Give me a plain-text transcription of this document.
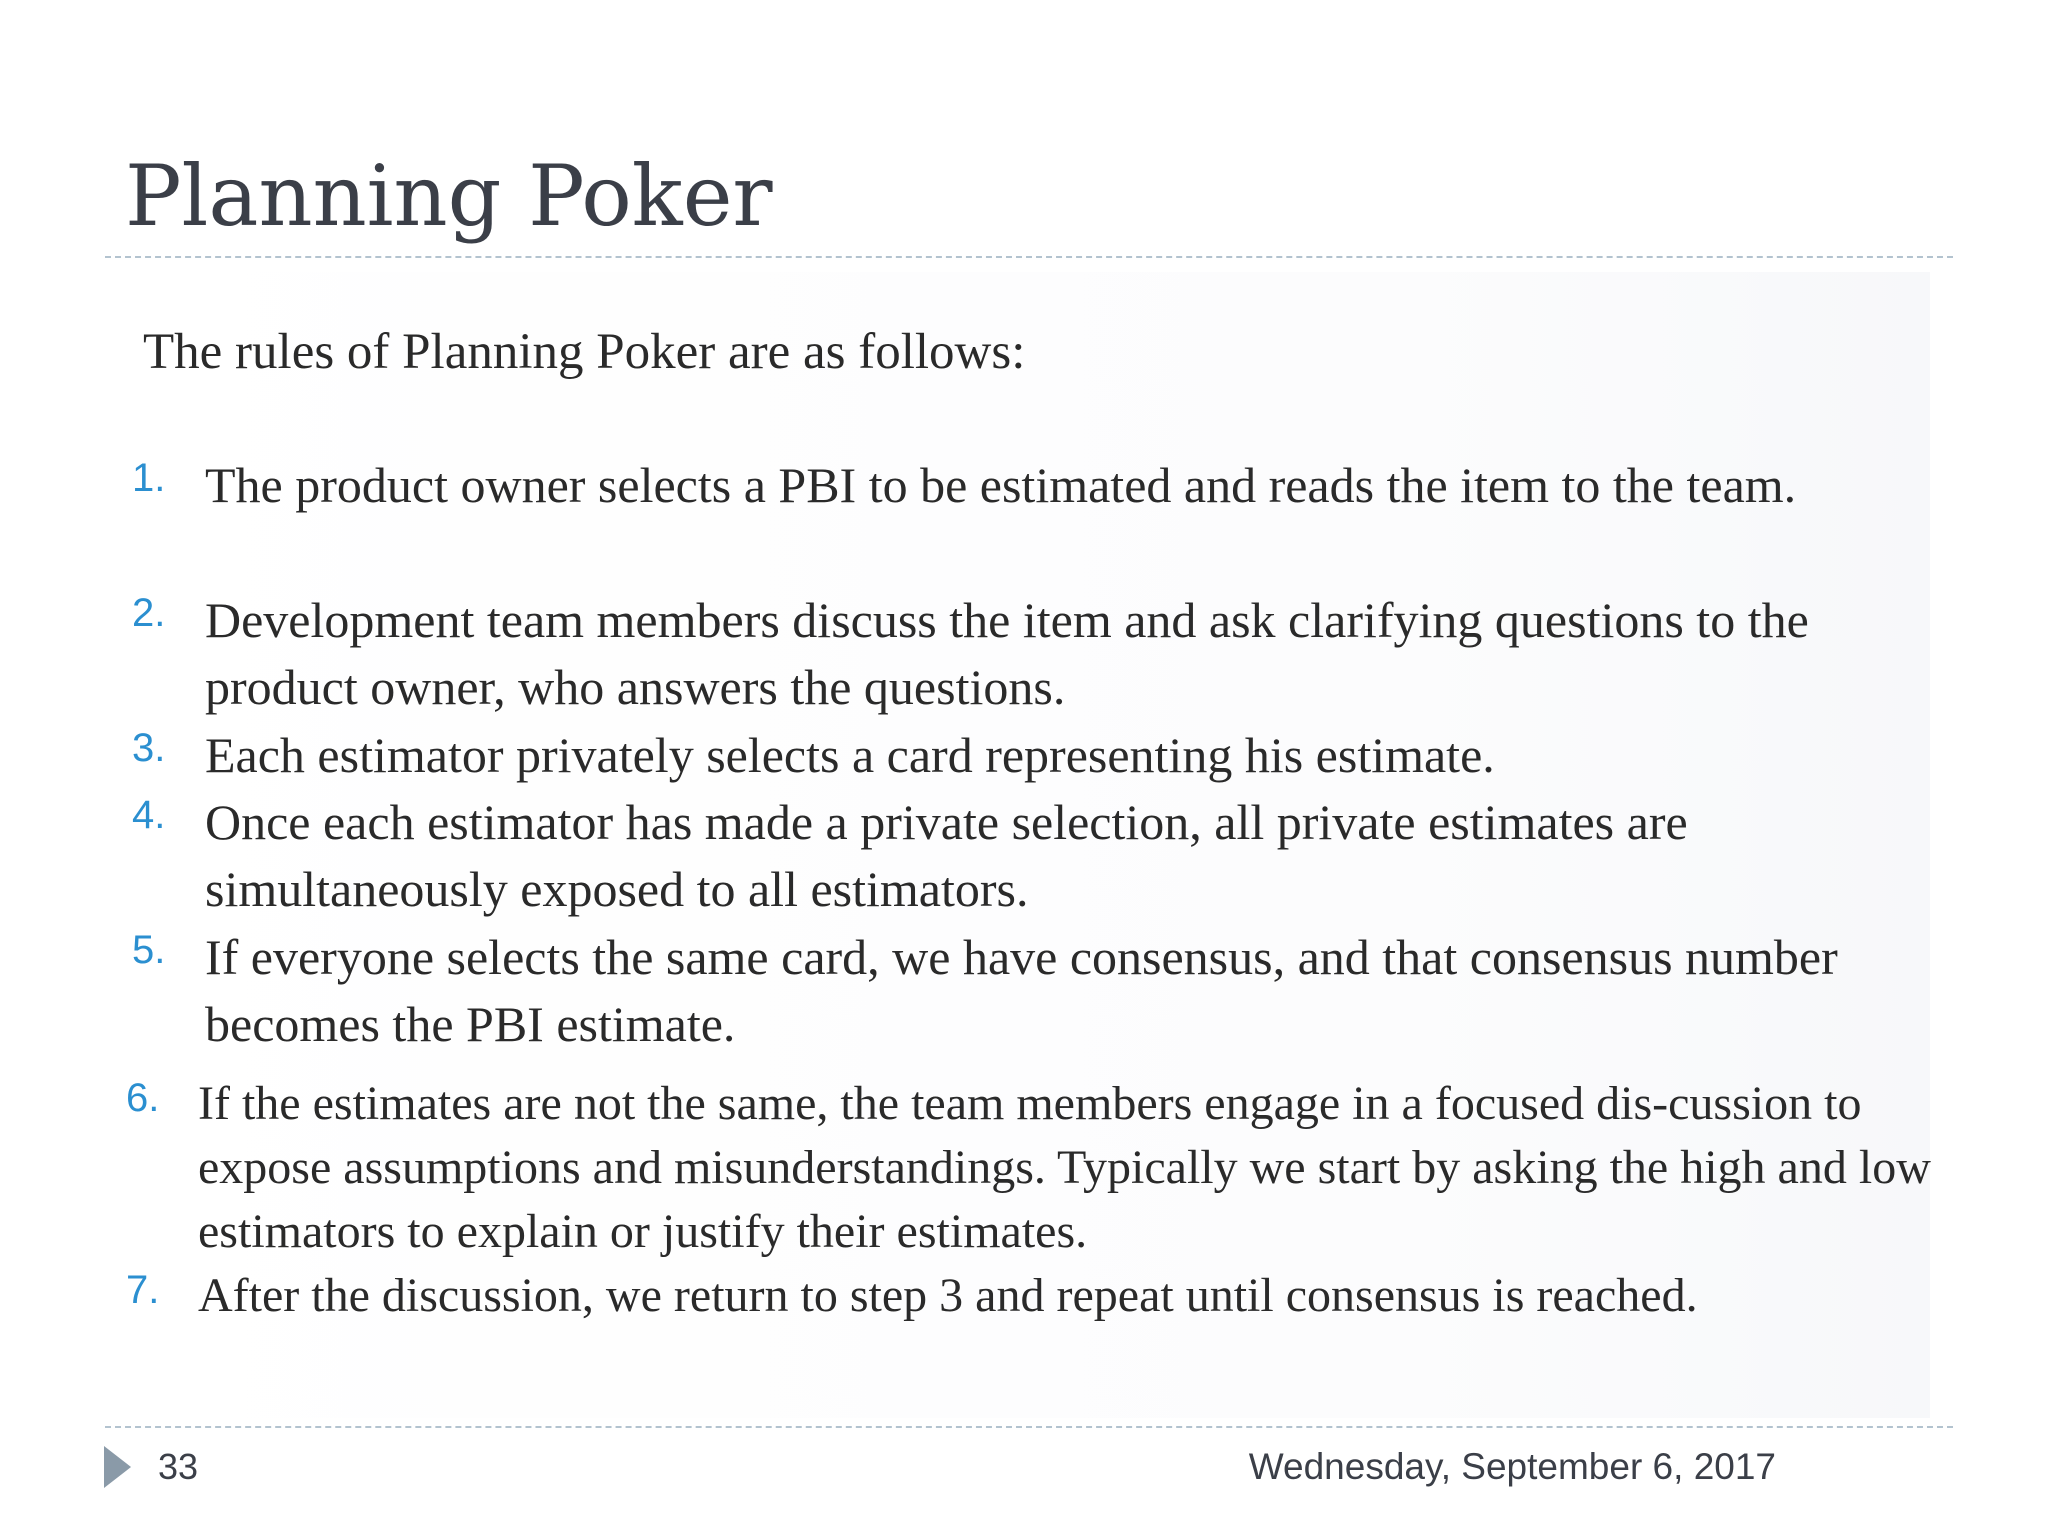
Planning Poker

The rules of Planning Poker are as follows:

1. The product owner selects a PBI to be estimated and reads the item to the team.
2. Development team members discuss the item and ask clarifying questions to the product owner, who answers the questions.
3. Each estimator privately selects a card representing his estimate.
4. Once each estimator has made a private selection, all private estimates are simultaneously exposed to all estimators.
5. If everyone selects the same card, we have consensus, and that consensus number becomes the PBI estimate.
6. If the estimates are not the same, the team members engage in a focused dis-cussion to expose assumptions and misunderstandings. Typically we start by asking the high and low estimators to explain or justify their estimates.
7. After the discussion, we return to step 3 and repeat until consensus is reached.
33	Wednesday, September 6, 2017
